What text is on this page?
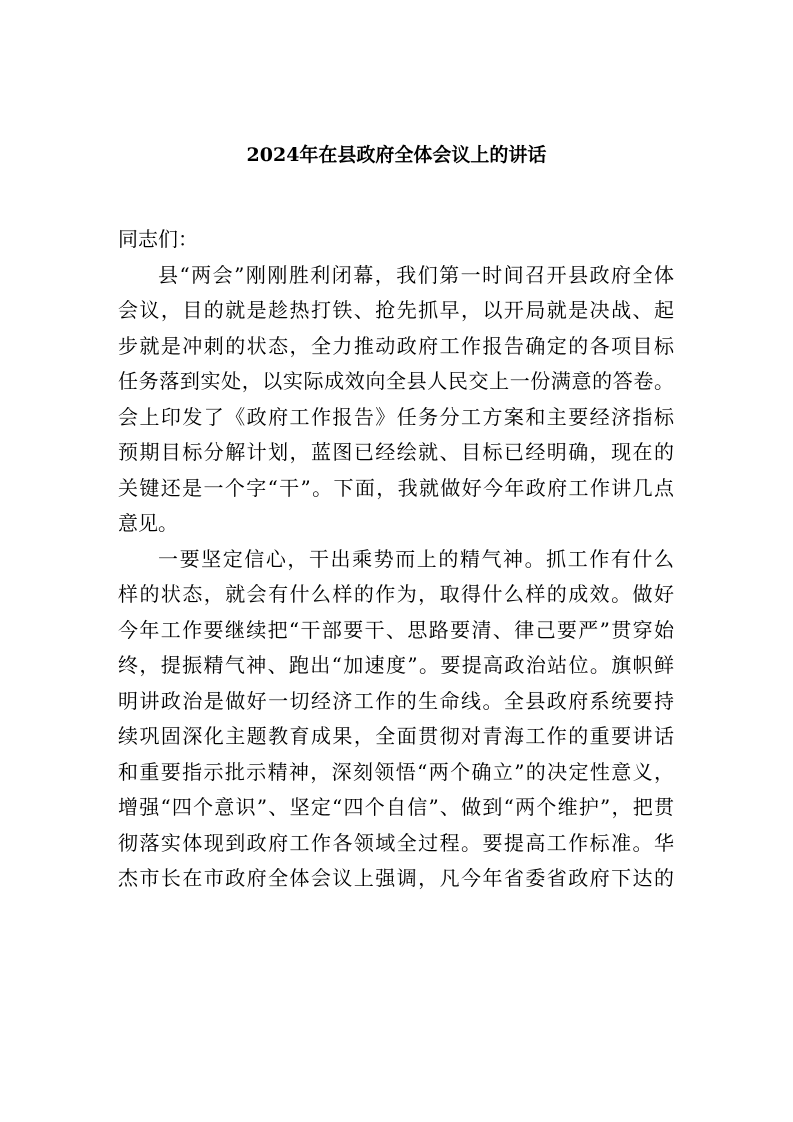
2024年在县政府全体会议上的讲话
同志们：
县“两会”刚刚胜利闭幕，我们第一时间召开县政府全体
会议，目的就是趁热打铁、抢先抓早，以开局就是决战、起
步就是冲刺的状态，全力推动政府工作报告确定的各项目标
任务落到实处，以实际成效向全县人民交上一份满意的答卷。
会上印发了《政府工作报告》任务分工方案和主要经济指标
预期目标分解计划，蓝图已经绘就、目标已经明确，现在的
关键还是一个字“干”。下面，我就做好今年政府工作讲几点
意见。
一要坚定信心，干出乘势而上的精气神。抓工作有什么
样的状态，就会有什么样的作为，取得什么样的成效。做好
今年工作要继续把“干部要干、思路要清、律己要严”贯穿始
终，提振精气神、跑出“加速度”。要提高政治站位。旗帜鲜
明讲政治是做好一切经济工作的生命线。全县政府系统要持
续巩固深化主题教育成果，全面贯彻对青海工作的重要讲话
和重要指示批示精神，深刻领悟“两个确立”的决定性意义，
增强“四个意识”、坚定“四个自信”、做到“两个维护”，把贯
彻落实体现到政府工作各领域全过程。要提高工作标准。华
杰市长在市政府全体会议上强调，凡今年省委省政府下达的
